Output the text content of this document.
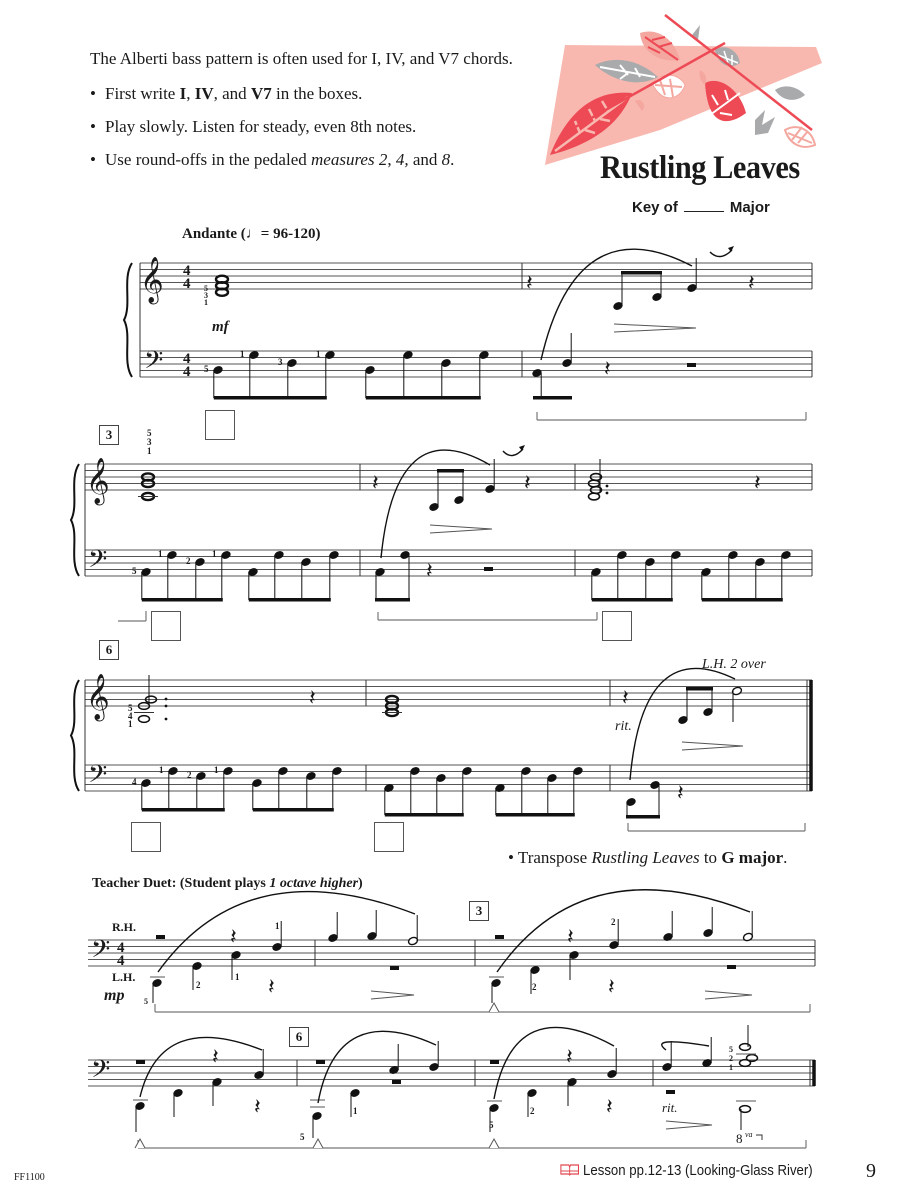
The Alberti bass pattern is often used for I, IV, and V7 chords.

• First write I, IV, and V7 in the boxes.
• Play slowly. Listen for steady, even 8th notes.
• Use round-offs in the pedaled measures 2, 4, and 8.	Rustling Leaves
Key of	Major
Andante (♩= 96-120)
𝄞
𝄢
4
4
4
4
5
3
1
mf
5
1
3
1
𝄽	𝄽
𝄽
𝄞
𝄢
5
3
1
5
1
2
1
𝄽	𝄽
𝄽
𝄽
𝄞
𝄢
5
4
1
𝄽
4
1	2	1
𝄽
rit.
𝄽
L.H. 2 over
𝄢 4
4
R.H.
L.H.
mp 5
2
𝄽
1
1
𝄽	2
𝄽
2
𝄽
𝄢	𝄽
𝄽
5
1
5
2
𝄽
𝄽	rit.
5
2
1
8 va
3
6
3
6
• Transpose Rustling Leaves to G major.
Teacher Duet: (Student plays 1 octave higher)
FF1100	Lesson pp.12-13 (Looking-Glass River)	9
